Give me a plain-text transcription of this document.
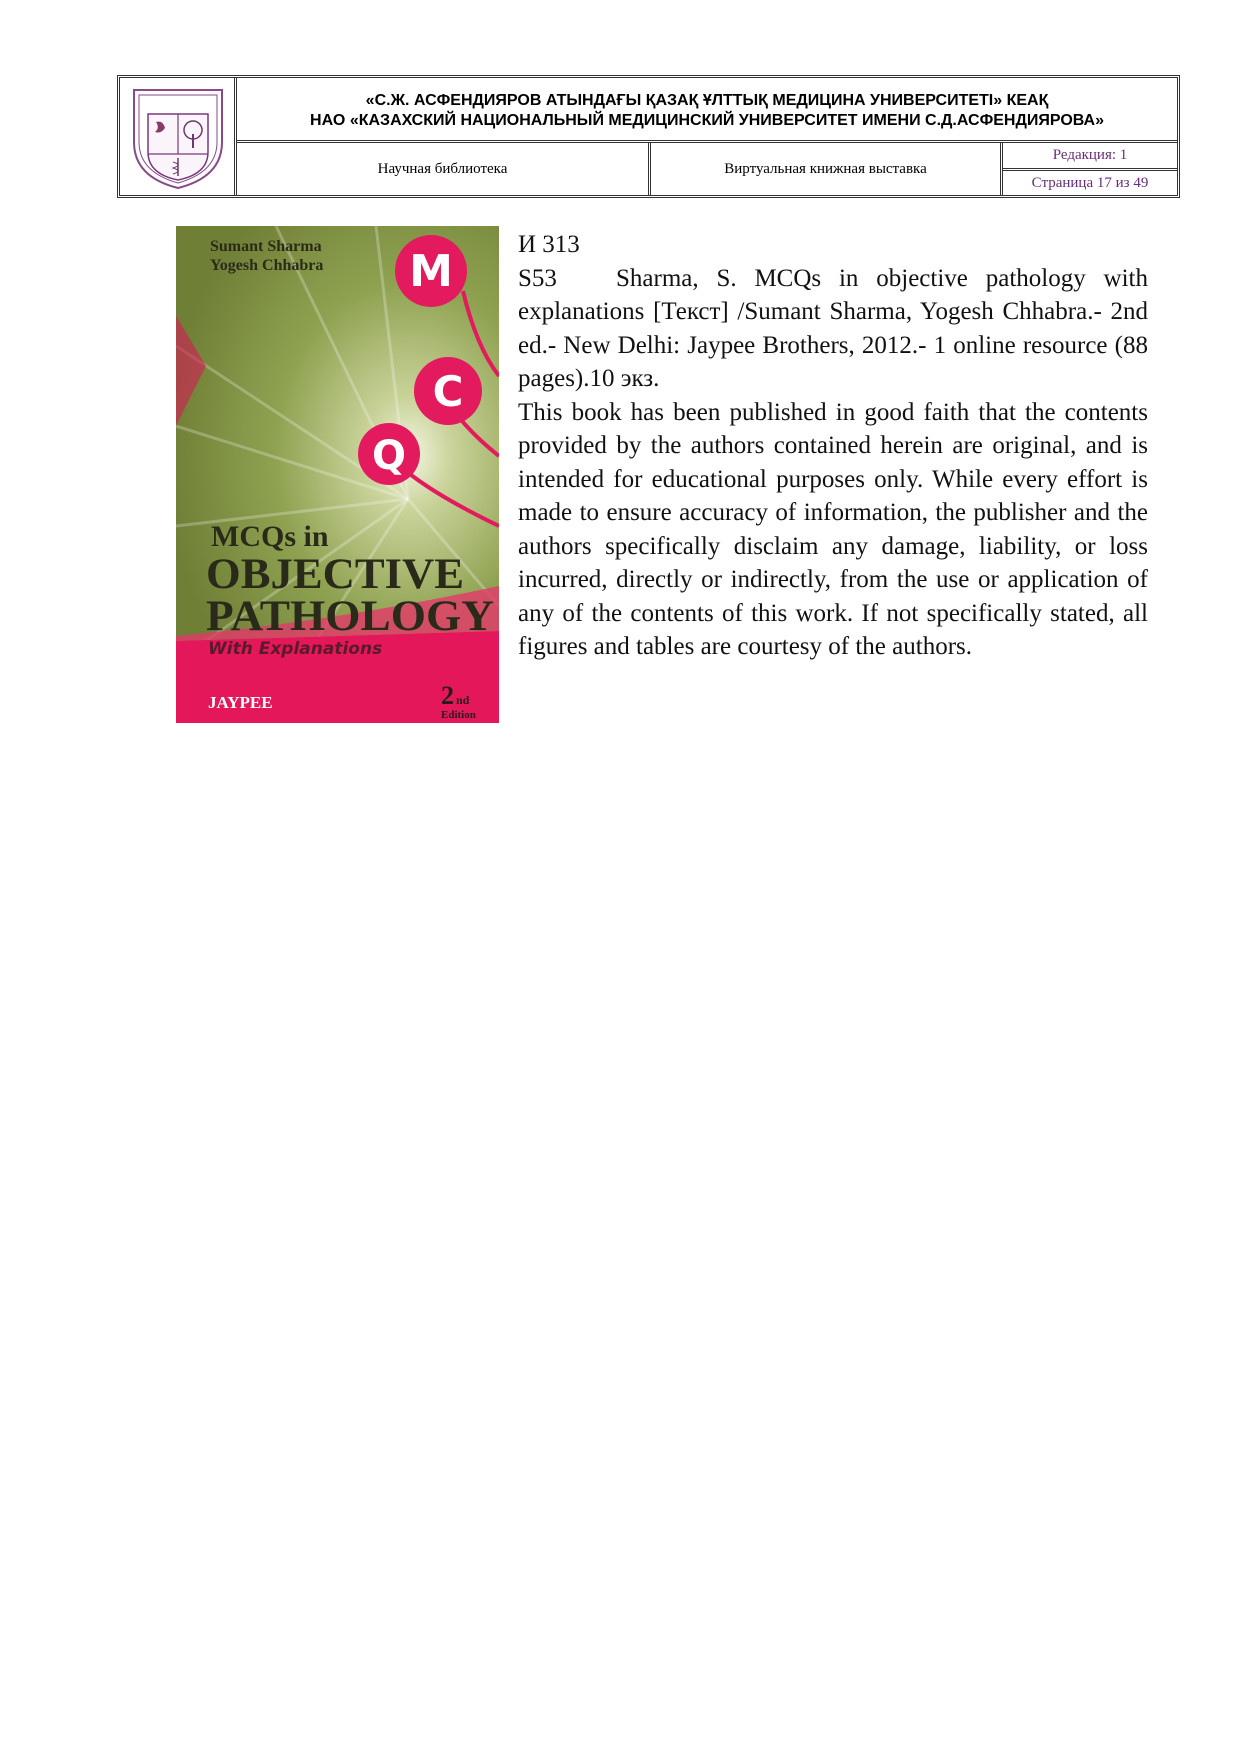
«С.Ж. АСФЕНДИЯРОВ АТЫНДАҒЫ ҚАЗАҚ ҰЛТТЫҚ МЕДИЦИНА УНИВЕРСИТЕТІ» КЕАҚ
НАО «КАЗАХСКИЙ НАЦИОНАЛЬНЫЙ МЕДИЦИНСКИЙ УНИВЕРСИТЕТ ИМЕНИ С.Д.АСФЕНДИЯРОВА»
Научная библиотека	Виртуальная книжная выставка
Редакция: 1
Страница 17 из 49
M
C
Q
Sumant Sharma
Yogesh Chhabra
MCQs in
OBJECTIVE
PATHOLOGY
With Explanations
JAYPEE	2 nd
Edition

И 313

S53 Sharma, S. MCQs in objective pathology with explanations [Текст] /Sumant Sharma, Yogesh Chhabra.- 2nd ed.- New Delhi: Jaypee Brothers, 2012.- 1 online resource (88 pages).10 экз.

This book has been published in good faith that the contents provided by the authors contained herein are original, and is intended for educational purposes only. While every effort is made to ensure accuracy of information, the publisher and the authors specifically disclaim any damage, liability, or loss incurred, directly or indirectly, from the use or application of any of the contents of this work. If not specifically stated, all figures and tables are courtesy of the authors.
